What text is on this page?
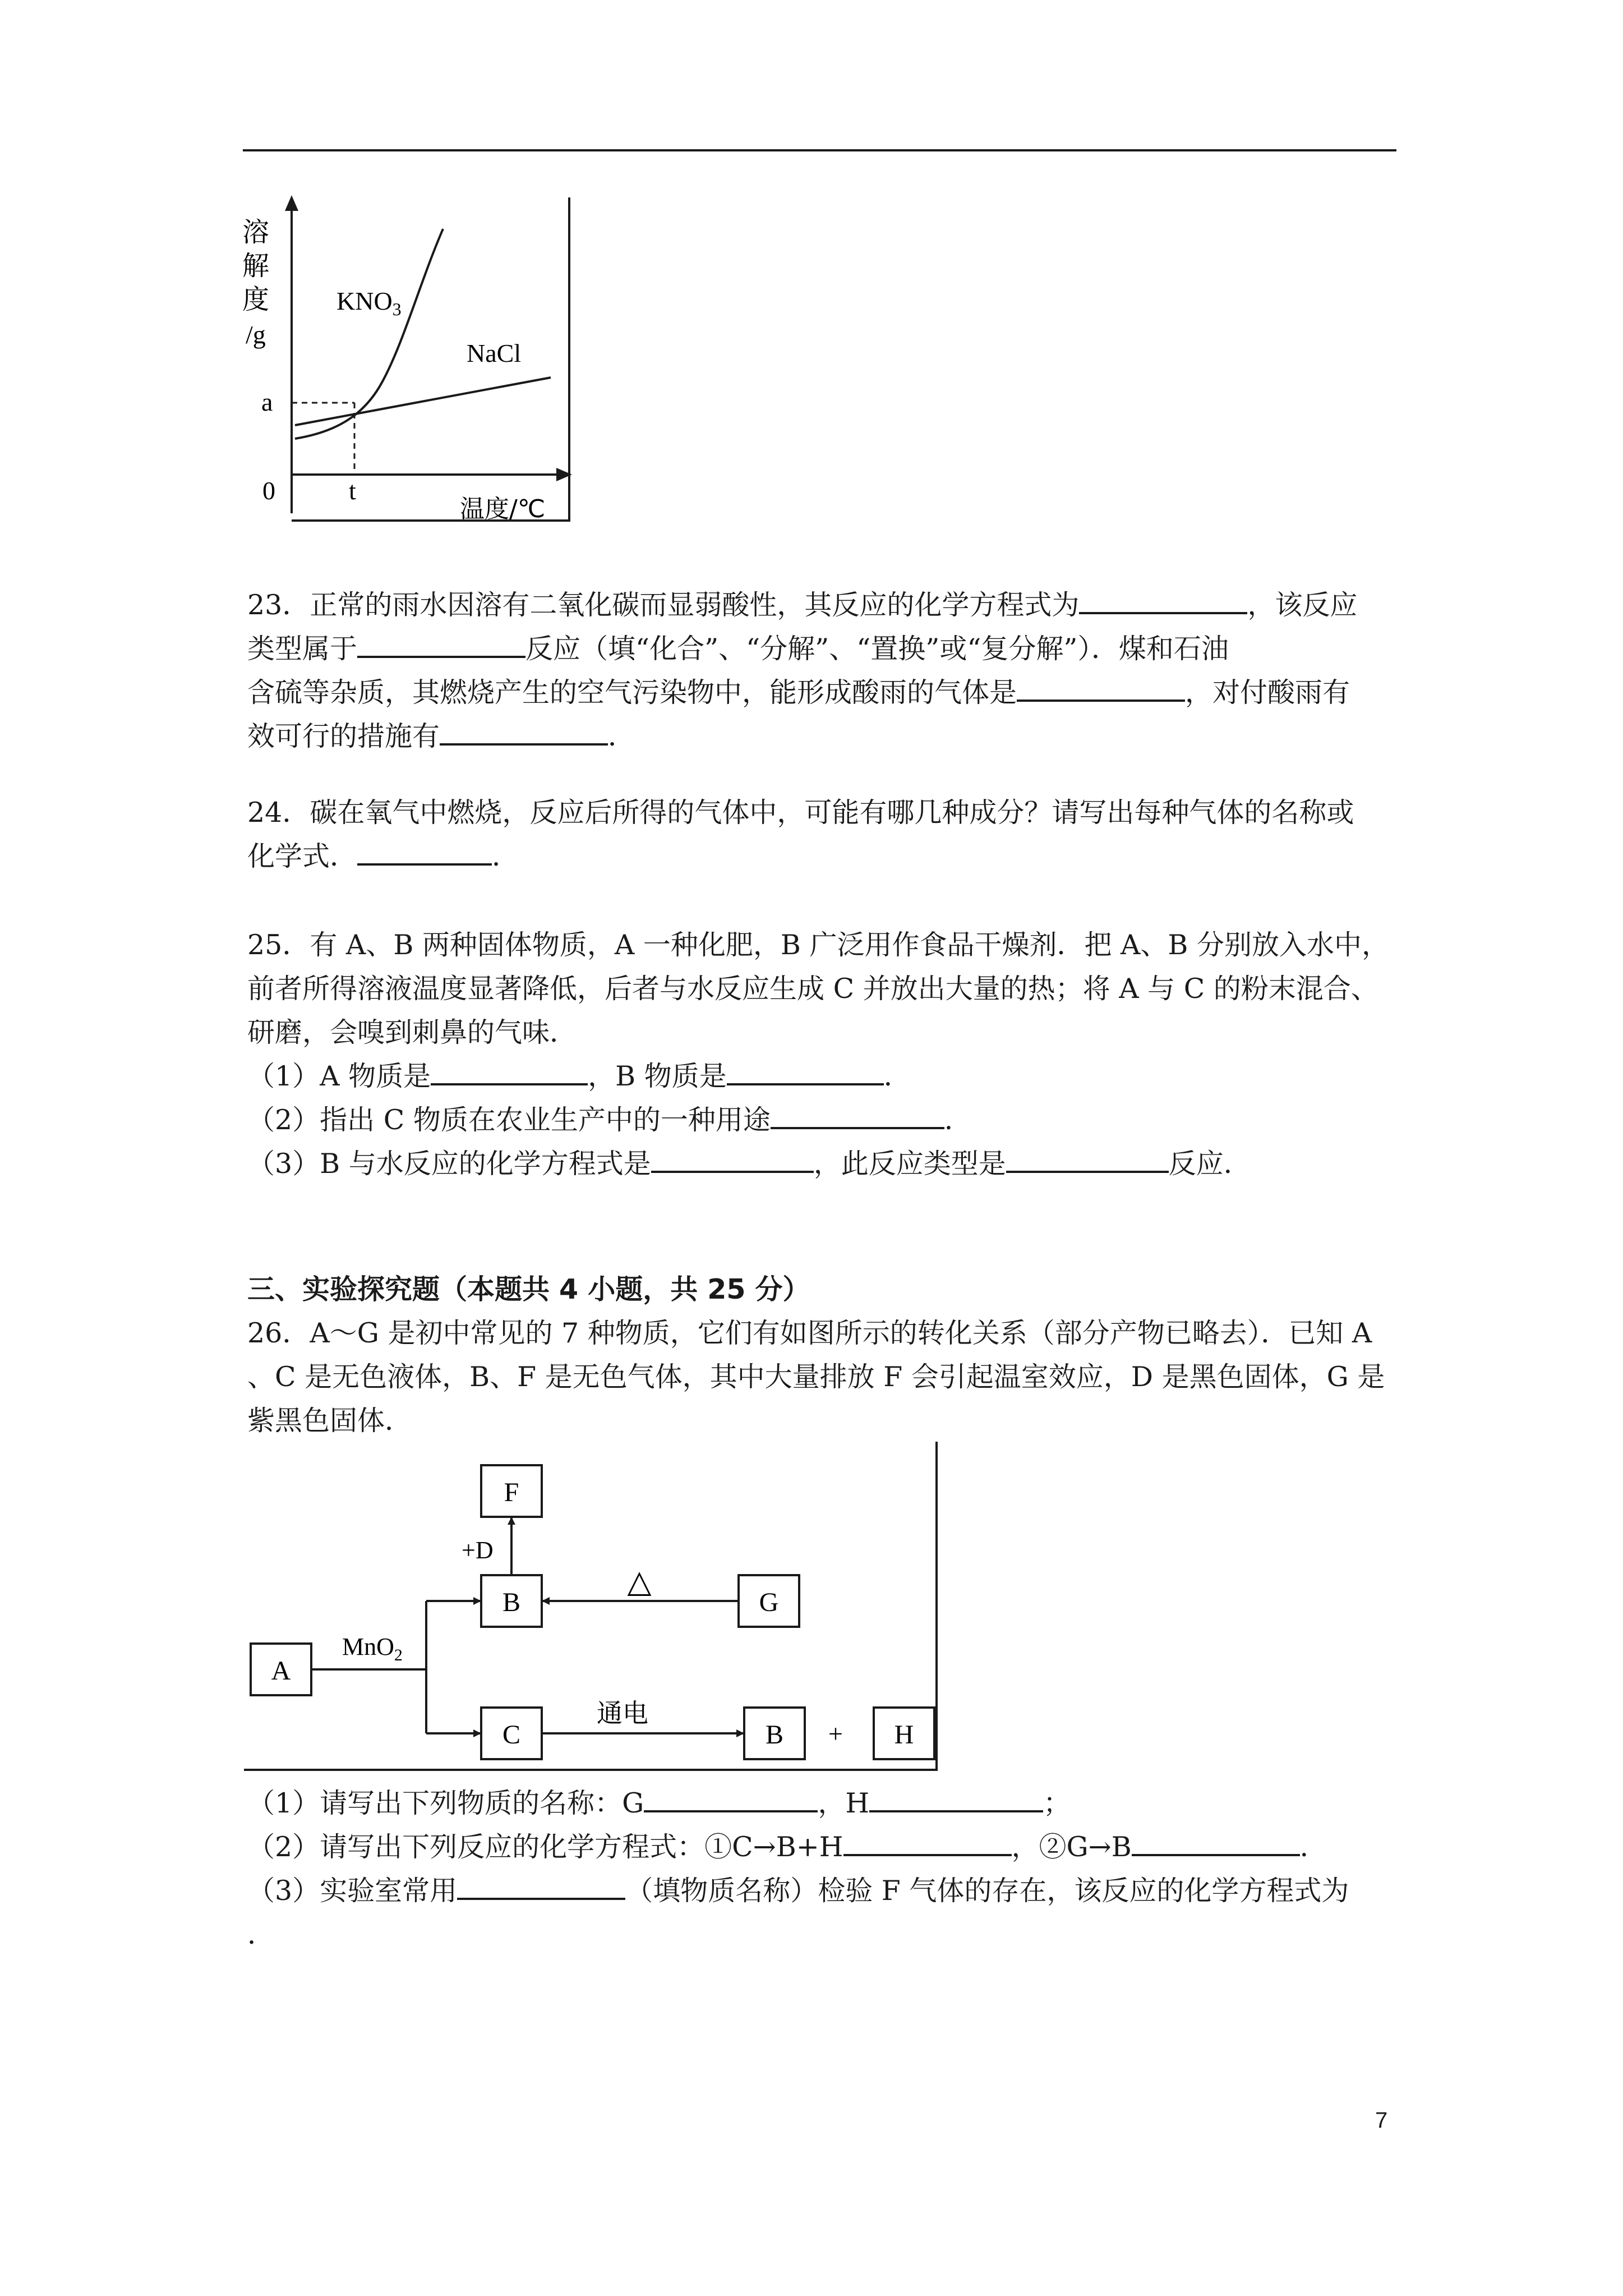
溶
解
度
/g
$KNO_3$
NaCl
a
0	t
温度/℃
23．正常的雨水因溶有二氧化碳而显弱酸性，其反应的化学方程式为	，该反应
类型属于	反应（填“化合”、“分解”、“置换”或“复分解”）．煤和石油
含硫等杂质，其燃烧产生的空气污染物中，能形成酸雨的气体是	，对付酸雨有
效可行的措施有	．
24．碳在氧气中燃烧，反应后所得的气体中，可能有哪几种成分？请写出每种气体的名称或
化学式．	．
25．有 A、B 两种固体物质，A 一种化肥，B 广泛用作食品干燥剂．把 A、B 分别放入水中，
前者所得溶液温度显著降低，后者与水反应生成 C 并放出大量的热；将 A 与 C 的粉末混合、
研磨，会嗅到刺鼻的气味．
（1）A 物质是	，B 物质是	．
（2）指出 C 物质在农业生产中的一种用途	．
（3）B 与水反应的化学方程式是	，此反应类型是	反应．
三、实验探究题（本题共 4 小题，共 25 分）
26．A～G 是初中常见的 7 种物质，它们有如图所示的转化关系（部分产物已略去）．已知 A
、C 是无色液体，B、F 是无色气体，其中大量排放 F 会引起温室效应，D 是黑色固体，G 是
紫黑色固体．
A
B
F
G
C	B	H
MnO$_2$
+D
△
通电
+
（1）请写出下列物质的名称：G	，H	；
（2）请写出下列反应的化学方程式：①C→B+H	，②G→B	．
（3）实验室常用	（填物质名称）检验 F 气体的存在，该反应的化学方程式为
．
7
